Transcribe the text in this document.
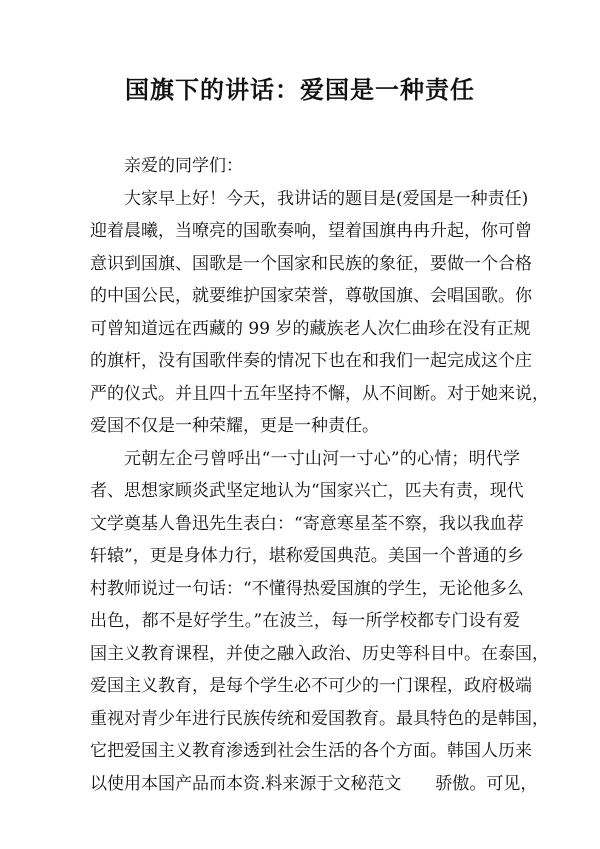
国旗下的讲话：爱国是一种责任
亲爱的同学们：
大家早上好！今天，我讲话的题目是(爱国是一种责任)
迎着晨曦，当嘹亮的国歌奏响，望着国旗冉冉升起，你可曾
意识到国旗、国歌是一个国家和民族的象征，要做一个合格
的中国公民，就要维护国家荣誉，尊敬国旗、会唱国歌。你
可曾知道远在西藏的 99 岁的藏族老人次仁曲珍在没有正规
的旗杆，没有国歌伴奏的情况下也在和我们一起完成这个庄
严的仪式。并且四十五年坚持不懈，从不间断。对于她来说，
爱国不仅是一种荣耀，更是一种责任。
元朝左企弓曾呼出“一寸山河一寸心”的心情；明代学
者、思想家顾炎武坚定地认为“国家兴亡，匹夫有责，现代
文学奠基人鲁迅先生表白：“寄意寒星荃不察，我以我血荐
轩辕”，更是身体力行，堪称爱国典范。美国一个普通的乡
村教师说过一句话：“不懂得热爱国旗的学生，无论他多么
出色，都不是好学生。”在波兰，每一所学校都专门设有爱
国主义教育课程，并使之融入政治、历史等科目中。在泰国，
爱国主义教育，是每个学生必不可少的一门课程，政府极端
重视对青少年进行民族传统和爱国教育。最具特色的是韩国，
它把爱国主义教育渗透到社会生活的各个方面。韩国人历来
以使用本国产品而本资.料来源于文秘范文　　骄傲。可见，
